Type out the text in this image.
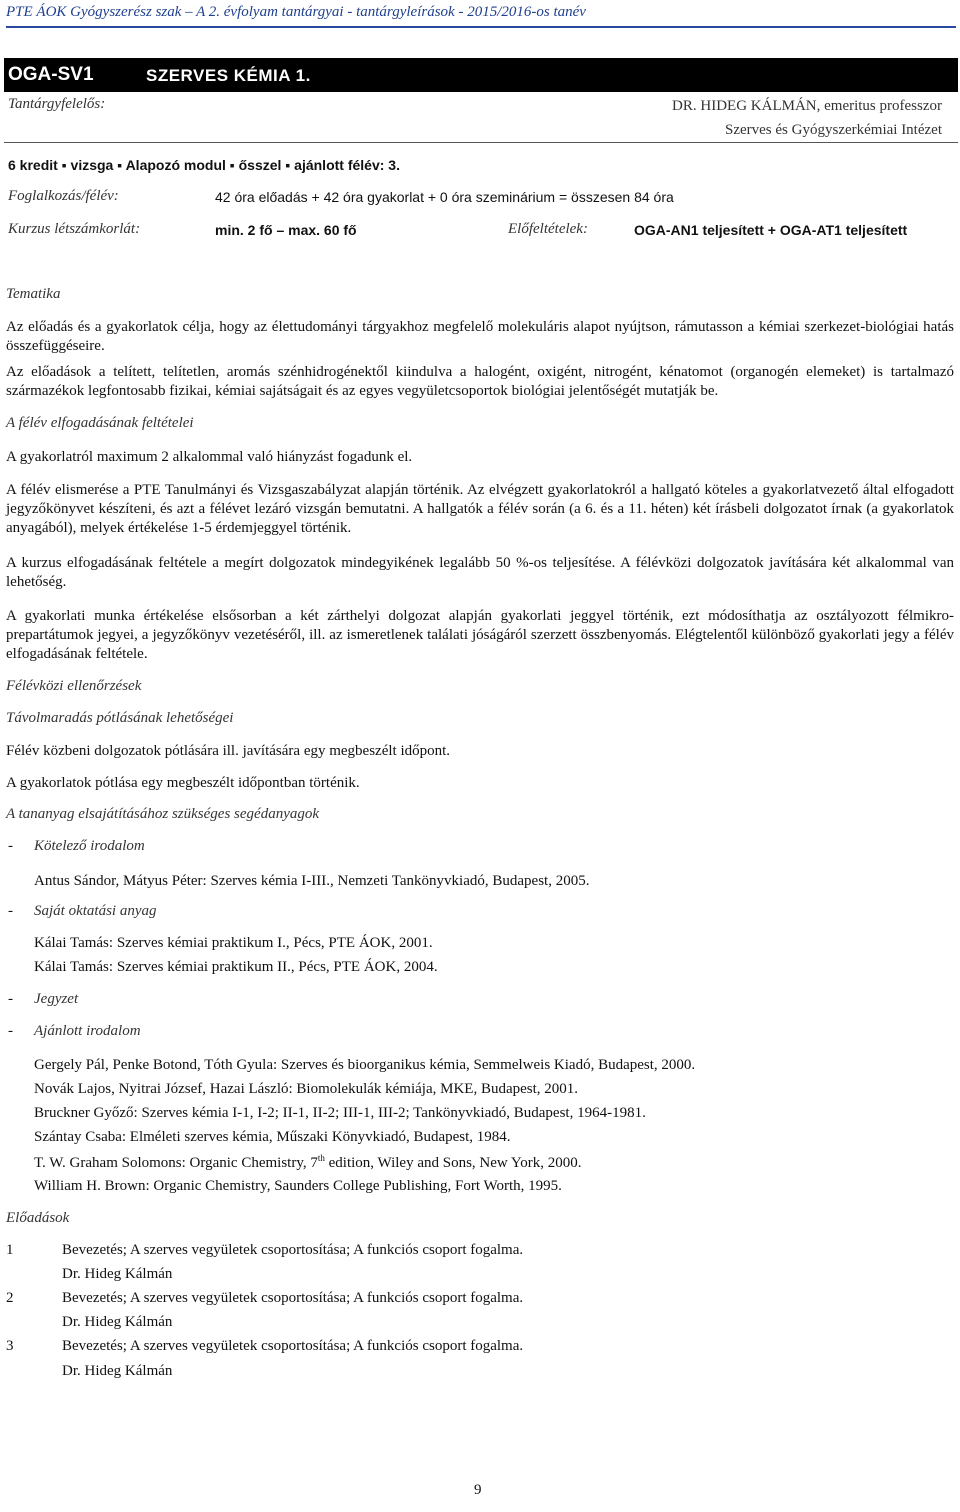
PTE ÁOK Gyógyszerész szak – A 2. évfolyam tantárgyai - tantárgyleírások - 2015/2016-os tanév
OGA-SV1	SZERVES KÉMIA 1.
Tantárgyfelelős:	DR. HIDEG KÁLMÁN, emeritus professzor
Szerves és Gyógyszerkémiai Intézet
6 kredit ▪ vizsga ▪ Alapozó modul ▪ ősszel ▪ ajánlott félév: 3.
Foglalkozás/félév:	42 óra előadás + 42 óra gyakorlat + 0 óra szeminárium = összesen 84 óra
Kurzus létszámkorlát:	min. 2 fő – max. 60 fő	Előfeltételek:	OGA-AN1 teljesített + OGA-AT1 teljesített
Tematika
Az előadás és a gyakorlatok célja, hogy az élettudományi tárgyakhoz megfelelő molekuláris alapot nyújtson, rámutasson a kémiai szerkezet-biológiai hatás összefüggéseire.
Az előadások a telített, telítetlen, aromás szénhidrogénektől kiindulva a halogént, oxigént, nitrogént, kénatomot (organogén elemeket) is tartalmazó származékok legfontosabb fizikai, kémiai sajátságait és az egyes vegyületcsoportok biológiai jelentőségét mutatják be.
A félév elfogadásának feltételei
A gyakorlatról maximum 2 alkalommal való hiányzást fogadunk el.
A félév elismerése a PTE Tanulmányi és Vizsgaszabályzat alapján történik. Az elvégzett gyakorlatokról a hallgató köteles a gyakorlatvezető által elfogadott jegyzőkönyvet készíteni, és azt a félévet lezáró vizsgán bemutatni. A hallgatók a félév során (a 6. és a 11. héten) két írásbeli dolgozatot írnak (a gyakorlatok anyagából), melyek értékelése 1-5 érdemjeggyel történik.
A kurzus elfogadásának feltétele a megírt dolgozatok mindegyikének legalább 50 %-os teljesítése. A félévközi dolgozatok javítására két alkalommal van lehetőség.
A gyakorlati munka értékelése elsősorban a két zárthelyi dolgozat alapján gyakorlati jeggyel történik, ezt módosíthatja az osztályozott félmikro-prepartátumok jegyei, a jegyzőkönyv vezetéséről, ill. az ismeretlenek találati jóságáról szerzett összbenyomás. Elégtelentől különböző gyakorlati jegy a félév elfogadásának feltétele.
Félévközi ellenőrzések
Távolmaradás pótlásának lehetőségei
Félév közbeni dolgozatok pótlására ill. javítására egy megbeszélt időpont.
A gyakorlatok pótlása egy megbeszélt időpontban történik.
A tananyag elsajátításához szükséges segédanyagok
- Kötelező irodalom
Antus Sándor, Mátyus Péter: Szerves kémia I-III., Nemzeti Tankönyvkiadó, Budapest, 2005.
- Saját oktatási anyag
Kálai Tamás: Szerves kémiai praktikum I., Pécs, PTE ÁOK, 2001.
Kálai Tamás: Szerves kémiai praktikum II., Pécs, PTE ÁOK, 2004.
- Jegyzet
- Ajánlott irodalom
Gergely Pál, Penke Botond, Tóth Gyula: Szerves és bioorganikus kémia, Semmelweis Kiadó, Budapest, 2000.
Novák Lajos, Nyitrai József, Hazai László: Biomolekulák kémiája, MKE, Budapest, 2001.
Bruckner Győző: Szerves kémia I-1, I-2; II-1, II-2; III-1, III-2; Tankönyvkiadó, Budapest, 1964-1981.
Szántay Csaba: Elméleti szerves kémia, Műszaki Könyvkiadó, Budapest, 1984.
T. W. Graham Solomons: Organic Chemistry, 7th edition, Wiley and Sons, New York, 2000.
William H. Brown: Organic Chemistry, Saunders College Publishing, Fort Worth, 1995.
Előadások
1	Bevezetés; A szerves vegyületek csoportosítása; A funkciós csoport fogalma.
Dr. Hideg Kálmán
2	Bevezetés; A szerves vegyületek csoportosítása; A funkciós csoport fogalma.
Dr. Hideg Kálmán
3	Bevezetés; A szerves vegyületek csoportosítása; A funkciós csoport fogalma.
Dr. Hideg Kálmán
9
